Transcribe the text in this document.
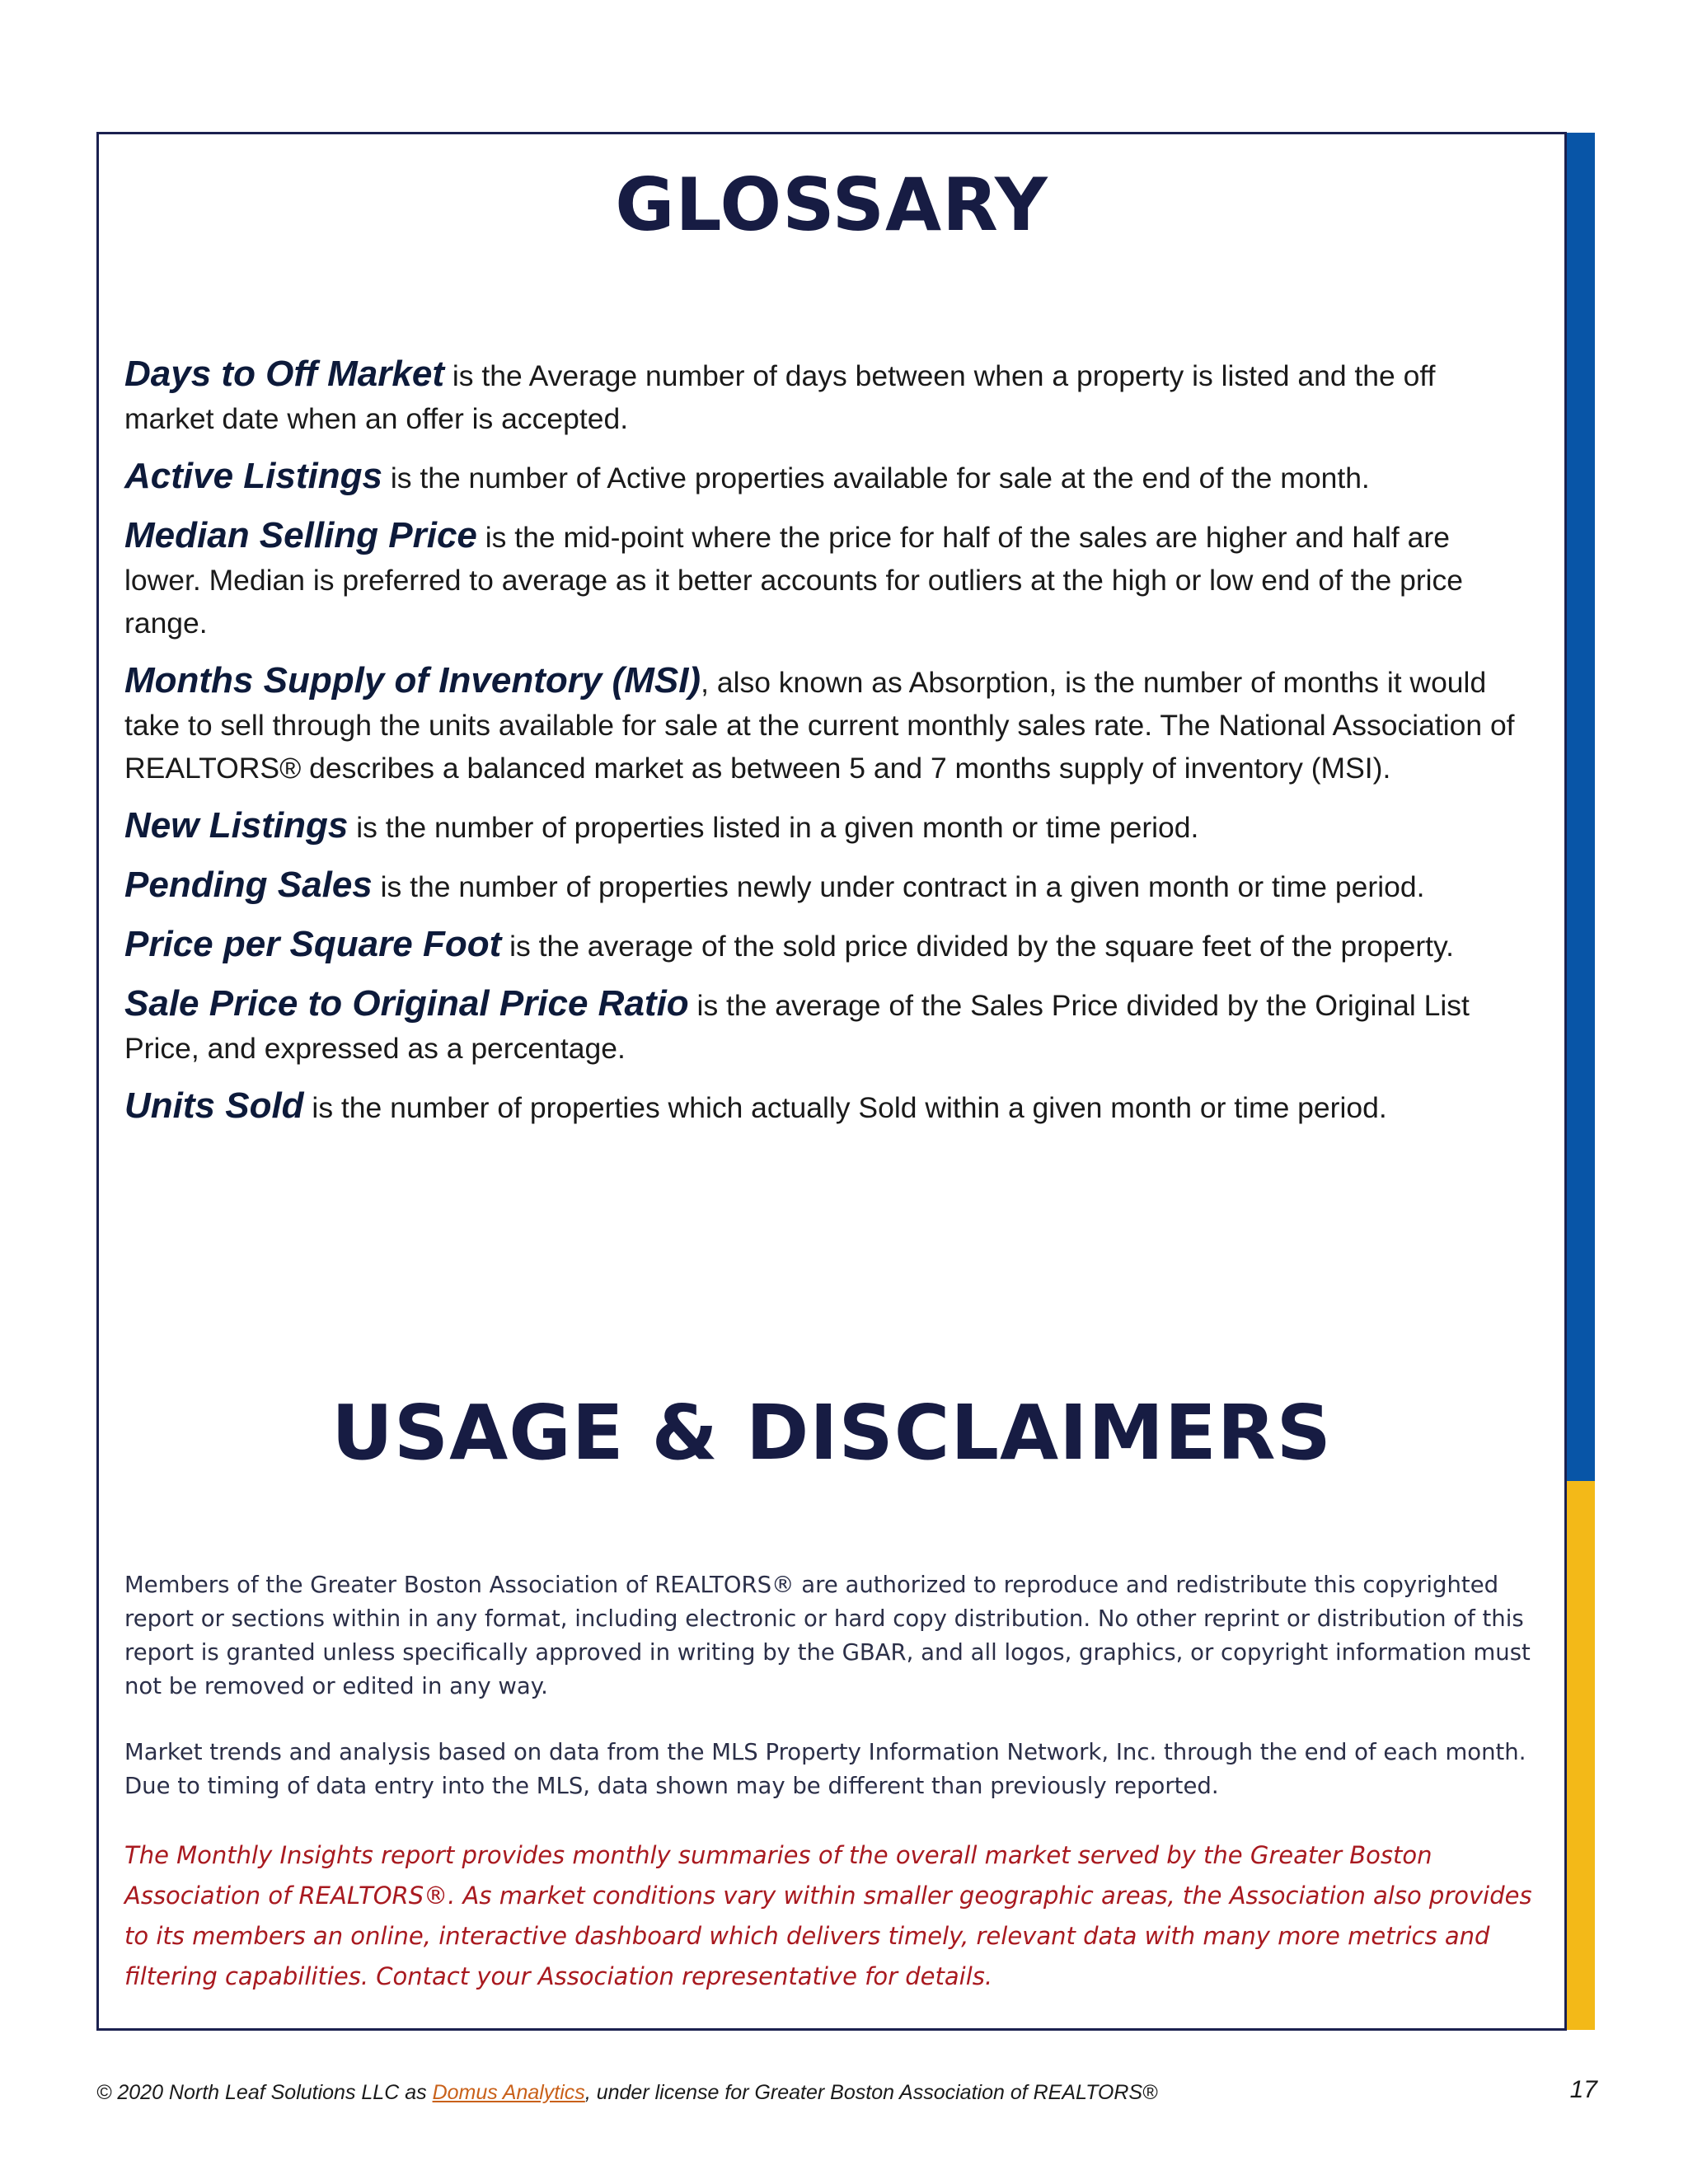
GLOSSARY

Days to Off Market is the Average number of days between when a property is listed and the off market date when an offer is accepted.

Active Listings is the number of Active properties available for sale at the end of the month.

Median Selling Price is the mid-point where the price for half of the sales are higher and half are lower. Median is preferred to average as it better accounts for outliers at the high or low end of the price range.

Months Supply of Inventory (MSI), also known as Absorption, is the number of months it would take to sell through the units available for sale at the current monthly sales rate. The National Association of REALTORS® describes a balanced market as between 5 and 7 months supply of inventory (MSI).

New Listings is the number of properties listed in a given month or time period.

Pending Sales is the number of properties newly under contract in a given month or time period.

Price per Square Foot is the average of the sold price divided by the square feet of the property.

Sale Price to Original Price Ratio is the average of the Sales Price divided by the Original List Price, and expressed as a percentage.

Units Sold is the number of properties which actually Sold within a given month or time period.

USAGE & DISCLAIMERS

Members of the Greater Boston Association of REALTORS® are authorized to reproduce and redistribute this copyrighted report or sections within in any format, including electronic or hard copy distribution. No other reprint or distribution of this report is granted unless specifically approved in writing by the GBAR, and all logos, graphics, or copyright information must not be removed or edited in any way.

Market trends and analysis based on data from the MLS Property Information Network, Inc. through the end of each month. Due to timing of data entry into the MLS, data shown may be different than previously reported.

The Monthly Insights report provides monthly summaries of the overall market served by the Greater Boston Association of REALTORS®. As market conditions vary within smaller geographic areas, the Association also provides to its members an online, interactive dashboard which delivers timely, relevant data with many more metrics and filtering capabilities. Contact your Association representative for details.

© 2020 North Leaf Solutions LLC as Domus Analytics, under license for Greater Boston Association of REALTORS®	17
